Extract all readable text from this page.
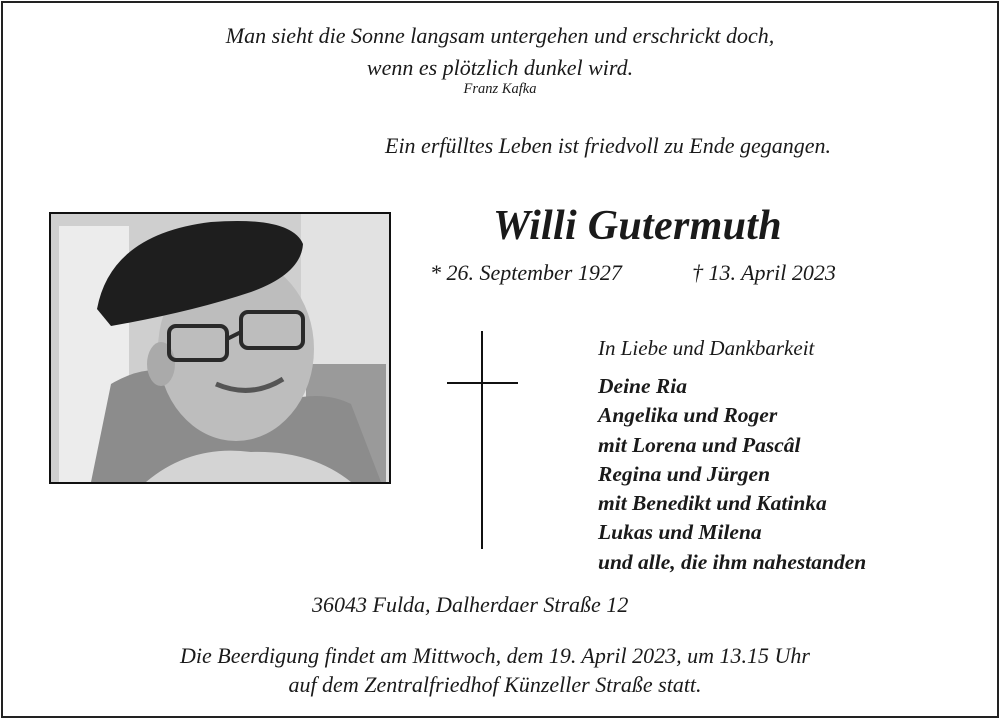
Man sieht die Sonne langsam untergehen und erschrickt doch,
wenn es plötzlich dunkel wird.
Franz Kafka
Ein erfülltes Leben ist friedvoll zu Ende gegangen.
Willi Gutermuth
* 26. September 1927	† 13. April 2023
In Liebe und Dankbarkeit
Deine Ria
Angelika und Roger
mit Lorena und Pascâl
Regina und Jürgen
mit Benedikt und Katinka
Lukas und Milena
und alle, die ihm nahestanden
36043 Fulda, Dalherdaer Straße 12
Die Beerdigung findet am Mittwoch, dem 19. April 2023, um 13.15 Uhr
auf dem Zentralfriedhof Künzeller Straße statt.
